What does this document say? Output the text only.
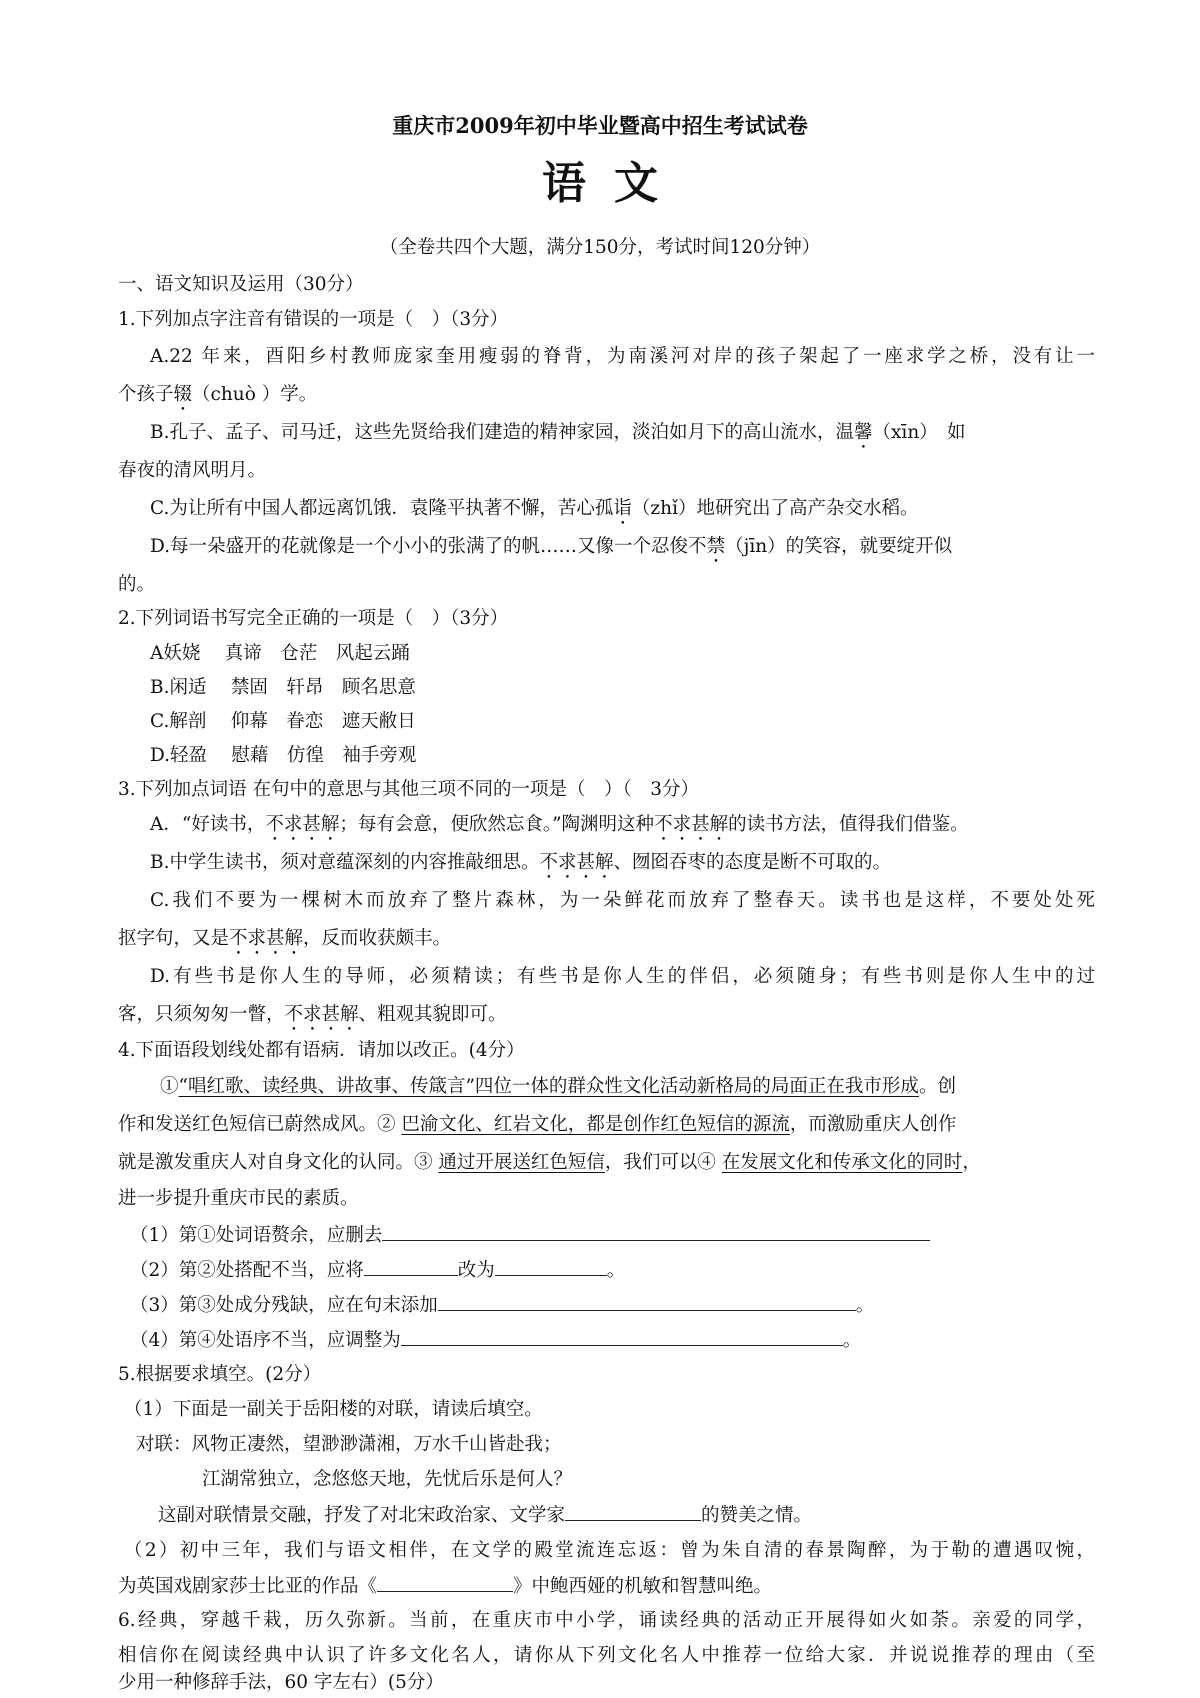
重庆市2009年初中毕业暨高中招生考试试卷
语文
（全卷共四个大题，满分150分，考试时间120分钟）
一、语文知识及运用（30分）
1.下列加点字注音有错误的一项是（　）（3分）
A.22 年来，酉阳乡村教师庞家奎用瘦弱的脊背，为南溪河对岸的孩子架起了一座求学之桥，没有让一
个孩子辍（chuò ）学。
B.孔子、孟子、司马迁，这些先贤给我们建造的精神家园，淡泊如月下的高山流水，温馨（xīn）　如
春夜的清风明月。
C.为让所有中国人都远离饥饿．袁隆平执著不懈，苦心孤诣（zhǐ）地研究出了高产杂交水稻。
D.每一朵盛开的花就像是一个小小的张满了的帆……又像一个忍俊不禁（jīn）的笑容，就要绽开似
的。
2.下列词语书写完全正确的一项是（　）（3分）
A妖娆　 真谛　仓茫　风起云踊
B.闲适　 禁固　轩昂　顾名思意
C.解剖　 仰幕　眷恋　遮天敝日
D.轻盈　 慰藉　仿徨　袖手旁观
3.下列加点词语 在句中的意思与其他三项不同的一项是（　）（　3分）
A．“好读书，不求甚解；每有会意，便欣然忘食。”陶渊明这种不求甚解的读书方法，值得我们借鉴。
B.中学生读书，须对意蕴深刻的内容推敲细思。不求甚解、囫囵吞枣的态度是断不可取的。
C.我们不要为一棵树木而放弃了整片森林，为一朵鲜花而放弃了整春天。读书也是这样，不要处处死
抠字句，又是不求甚解，反而收获颇丰。
D.有些书是你人生的导师，必须精读；有些书是你人生的伴侣，必须随身；有些书则是你人生中的过
客，只须匆匆一瞥，不求甚解、粗观其貌即可。
4.下面语段划线处都有语病．请加以改正。(4分）
①“唱红歌、读经典、讲故事、传箴言”四位一体的群众性文化活动新格局的局面正在我市形成。创
作和发送红色短信已蔚然成风。② 巴渝文化、红岩文化，都是创作红色短信的源流，而激励重庆人创作
就是激发重庆人对自身文化的认同。③ 通过开展送红色短信，我们可以④ 在发展文化和传承文化的同时，
进一步提升重庆市民的素质。
（1）第①处词语赘余，应删去
（2）第②处搭配不当，应将	改为	。
（3）第③处成分残缺，应在句末添加	。
（4）第④处语序不当，应调整为	。
5.根据要求填空。(2分）
（1）下面是一副关于岳阳楼的对联，请读后填空。
对联：风物正凄然，望渺渺潇湘，万水千山皆赴我；
江湖常独立，念悠悠天地，先忧后乐是何人？
这副对联情景交融，抒发了对北宋政治家、文学家	的赞美之情。
（2）初中三年，我们与语文相伴，在文学的殿堂流连忘返：曾为朱自清的春景陶醉，为于勒的遭遇叹惋，
为英国戏剧家莎士比亚的作品《	》中鲍西娅的机敏和智慧叫绝。
6.经典，穿越千栽，历久弥新。当前，在重庆市中小学，诵读经典的活动正开展得如火如荼。亲爱的同学，
相信你在阅读经典中认识了许多文化名人，请你从下列文化名人中推荐一位给大家．并说说推荐的理由（至
少用一种修辞手法，60 字左右）(5分）
